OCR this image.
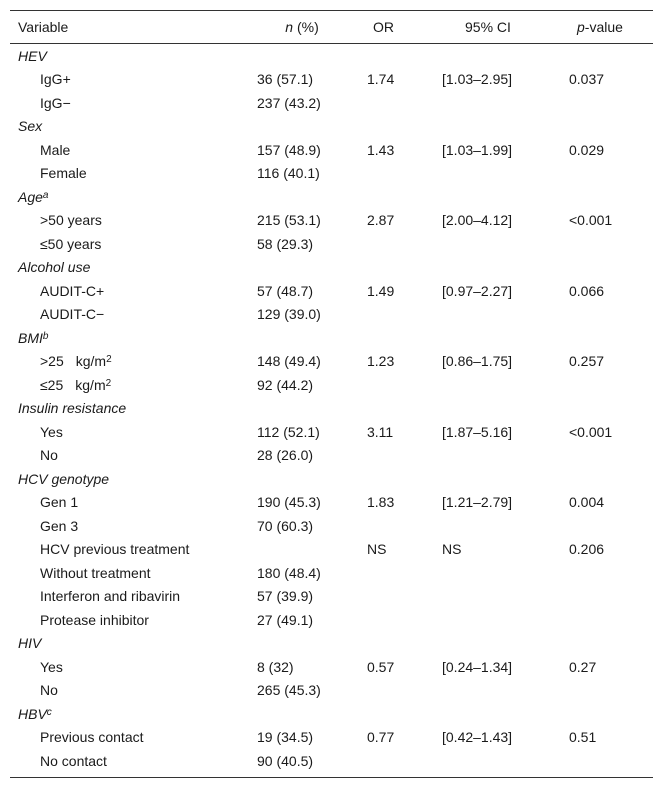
Variable	n (%)	OR	95% CI	p-value
HEV				
IgG+	36 (57.1)	1.74	[1.03–2.95]	0.037
IgG−	237 (43.2)			
Sex				
Male	157 (48.9)	1.43	[1.03–1.99]	0.029
Female	116 (40.1)			
Age$^a$
>50 years	215 (53.1)	2.87	[2.00–4.12]	<0.001
≤50 years	58 (29.3)			
Alcohol use				
AUDIT-C+	57 (48.7)	1.49	[0.97–2.27]	0.066
AUDIT-C−	129 (39.0)			
$BMI^b$
>25 $kg/m^2$	148 (49.4)	1.23	[0.86–1.75]	0.257
≤25 $kg/m^2$	92 (44.2)			
Insulin resistance				
Yes	112 (52.1)	3.11	[1.87–5.16]	<0.001
No	28 (26.0)			
HCV genotype				
Gen 1	190 (45.3)	1.83	[1.21–2.79]	0.004
Gen 3	70 (60.3)			
HCV previous treatment		NS	NS	0.206
Without treatment	180 (48.4)			
Interferon and ribavirin	57 (39.9)			
Protease inhibitor	27 (49.1)			
HIV				
Yes	8 (32)	0.57	[0.24–1.34]	0.27
No	265 (45.3)			
HBV$^c$
Previous contact	19 (34.5)	0.77	[0.42–1.43]	0.51
No contact	90 (40.5)			
